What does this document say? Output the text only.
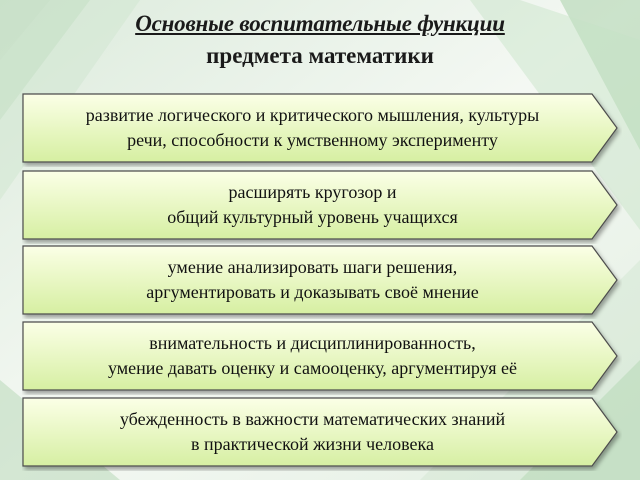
Основные воспитательные функции
предмета математики
развитие логического и критического мышления, культуры
речи, способности к умственному эксперименту
расширять кругозор и
общий культурный уровень учащихся
умение анализировать шаги решения,
аргументировать и доказывать своё мнение
внимательность и дисциплинированность,
умение давать оценку и самооценку, аргументируя её
убежденность в важности математических знаний
в практической жизни человека
